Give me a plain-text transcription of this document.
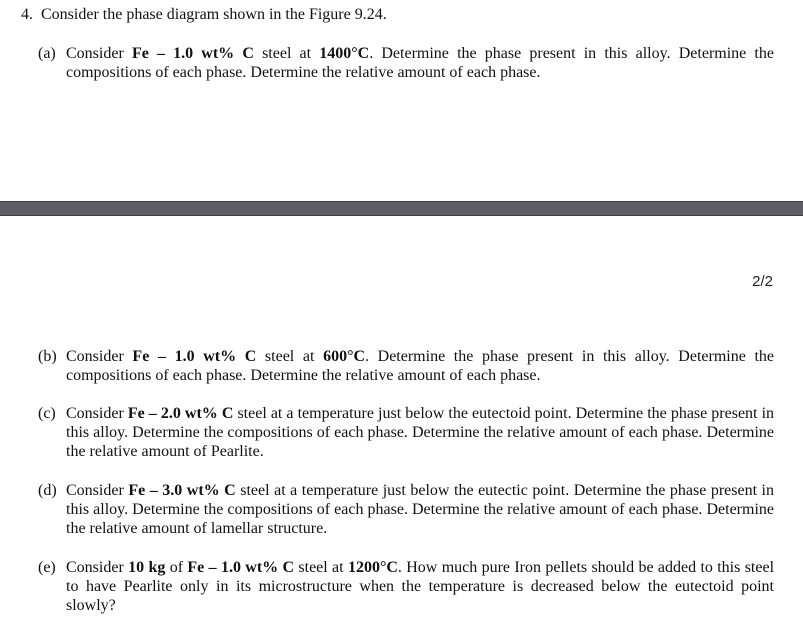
4. Consider the phase diagram shown in the Figure 9.24.
(a) Consider Fe – 1.0 wt% C steel at 1400°C. Determine the phase present in this alloy. Determine the compositions of each phase. Determine the relative amount of each phase.
2/2
(b) Consider Fe – 1.0 wt% C steel at 600°C. Determine the phase present in this alloy. Determine the compositions of each phase. Determine the relative amount of each phase.
(c) Consider Fe – 2.0 wt% C steel at a temperature just below the eutectoid point. Determine the phase present in this alloy. Determine the compositions of each phase. Determine the relative amount of each phase. Determine the relative amount of Pearlite.
(d) Consider Fe – 3.0 wt% C steel at a temperature just below the eutectic point. Determine the phase present in this alloy. Determine the compositions of each phase. Determine the relative amount of each phase. Determine the relative amount of lamellar structure.
(e) Consider 10 kg of Fe – 1.0 wt% C steel at 1200°C. How much pure Iron pellets should be added to this steel to have Pearlite only in its microstructure when the temperature is decreased below the eutectoid point slowly?
